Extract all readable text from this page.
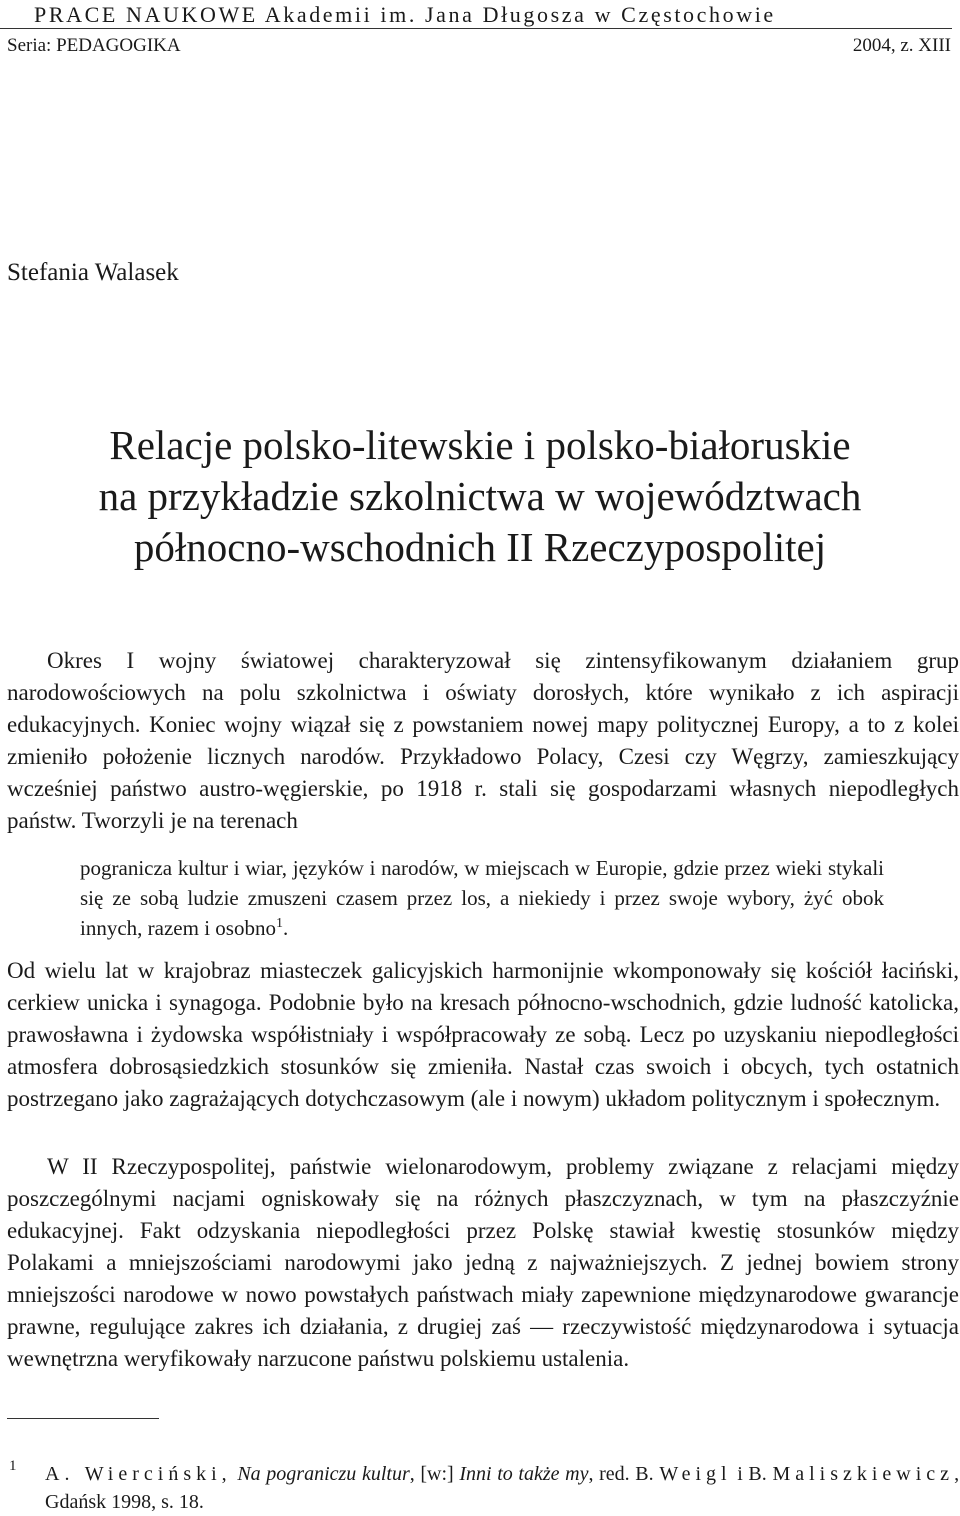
PRACE NAUKOWE Akademii im. Jana Długosza w Częstochowie
Seria: PEDAGOGIKA	2004, z. XIII
Stefania Walasek
Relacje polsko-litewskie i polsko-białoruskie
na przykładzie szkolnictwa w województwach
północno-wschodnich II Rzeczypospolitej
Okres I wojny światowej charakteryzował się zintensyfikowanym działaniem grup narodowościowych na polu szkolnictwa i oświaty dorosłych, które wynikało z ich aspiracji edukacyjnych. Koniec wojny wiązał się z powstaniem nowej mapy politycznej Europy, a to z kolei zmieniło położenie licznych narodów. Przykładowo Polacy, Czesi czy Węgrzy, zamieszkujący wcześniej państwo austro-węgierskie, po 1918 r. stali się gospodarzami własnych niepodległych państw. Tworzyli je na terenach
pogranicza kultur i wiar, języków i narodów, w miejscach w Europie, gdzie przez wieki stykali się ze sobą ludzie zmuszeni czasem przez los, a niekiedy i przez swoje wybory, żyć obok innych, razem i osobno$^1$.
Od wielu lat w krajobraz miasteczek galicyjskich harmonijnie wkomponowały się kościół łaciński, cerkiew unicka i synagoga. Podobnie było na kresach północno-wschodnich, gdzie ludność katolicka, prawosławna i żydowska współistniały i współpracowały ze sobą. Lecz po uzyskaniu niepodległości atmosfera dobrosąsiedzkich stosunków się zmieniła. Nastał czas swoich i obcych, tych ostatnich postrzegano jako zagrażających dotychczasowym (ale i nowym) układom politycznym i społecznym.
W II Rzeczypospolitej, państwie wielonarodowym, problemy związane z relacjami między poszczególnymi nacjami ogniskowały się na różnych płaszczyznach, w tym na płaszczyźnie edukacyjnej. Fakt odzyskania niepodległości przez Polskę stawiał kwestię stosunków między Polakami a mniejszościami narodowymi jako jedną z najważniejszych. Z jednej bowiem strony mniejszości narodowe w nowo powstałych państwach miały zapewnione międzynarodowe gwarancje prawne, regulujące zakres ich działania, z drugiej zaś — rzeczywistość międzynarodowa i sytuacja wewnętrzna weryfikowały narzucone państwu polskiemu ustalenia.
1 A. Wierciński, Na pograniczu kultur, [w:] Inni to także my, red. B. Weigl i B. Maliszkiewicz, Gdańsk 1998, s. 18.
